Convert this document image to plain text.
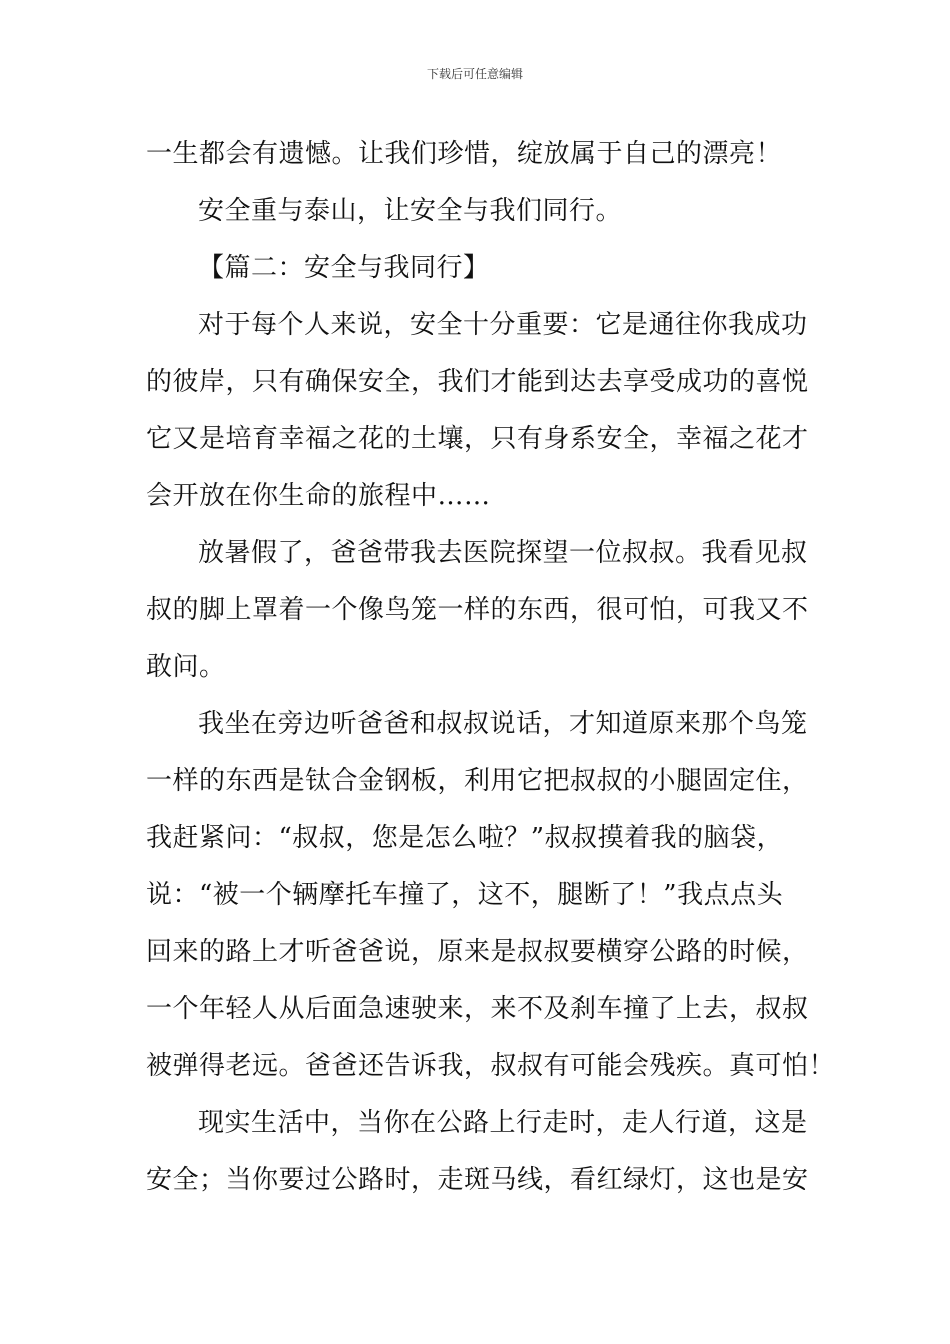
下载后可任意编辑
一生都会有遗憾。让我们珍惜，绽放属于自己的漂亮！
安全重与泰山，让安全与我们同行。
【篇二：安全与我同行】
对于每个人来说，安全十分重要：它是通往你我成功
的彼岸，只有确保安全，我们才能到达去享受成功的喜悦
它又是培育幸福之花的土壤，只有身系安全，幸福之花才
会开放在你生命的旅程中……
放暑假了，爸爸带我去医院探望一位叔叔。我看见叔
叔的脚上罩着一个像鸟笼一样的东西，很可怕，可我又不
敢问。
我坐在旁边听爸爸和叔叔说话，才知道原来那个鸟笼
一样的东西是钛合金钢板，利用它把叔叔的小腿固定住，
我赶紧问：“叔叔，您是怎么啦？”叔叔摸着我的脑袋，
说：“被一个辆摩托车撞了，这不，腿断了！”我点点头
回来的路上才听爸爸说，原来是叔叔要横穿公路的时候，
一个年轻人从后面急速驶来，来不及刹车撞了上去，叔叔
被弹得老远。爸爸还告诉我，叔叔有可能会残疾。真可怕！
现实生活中，当你在公路上行走时，走人行道，这是
安全；当你要过公路时，走斑马线，看红绿灯，这也是安
